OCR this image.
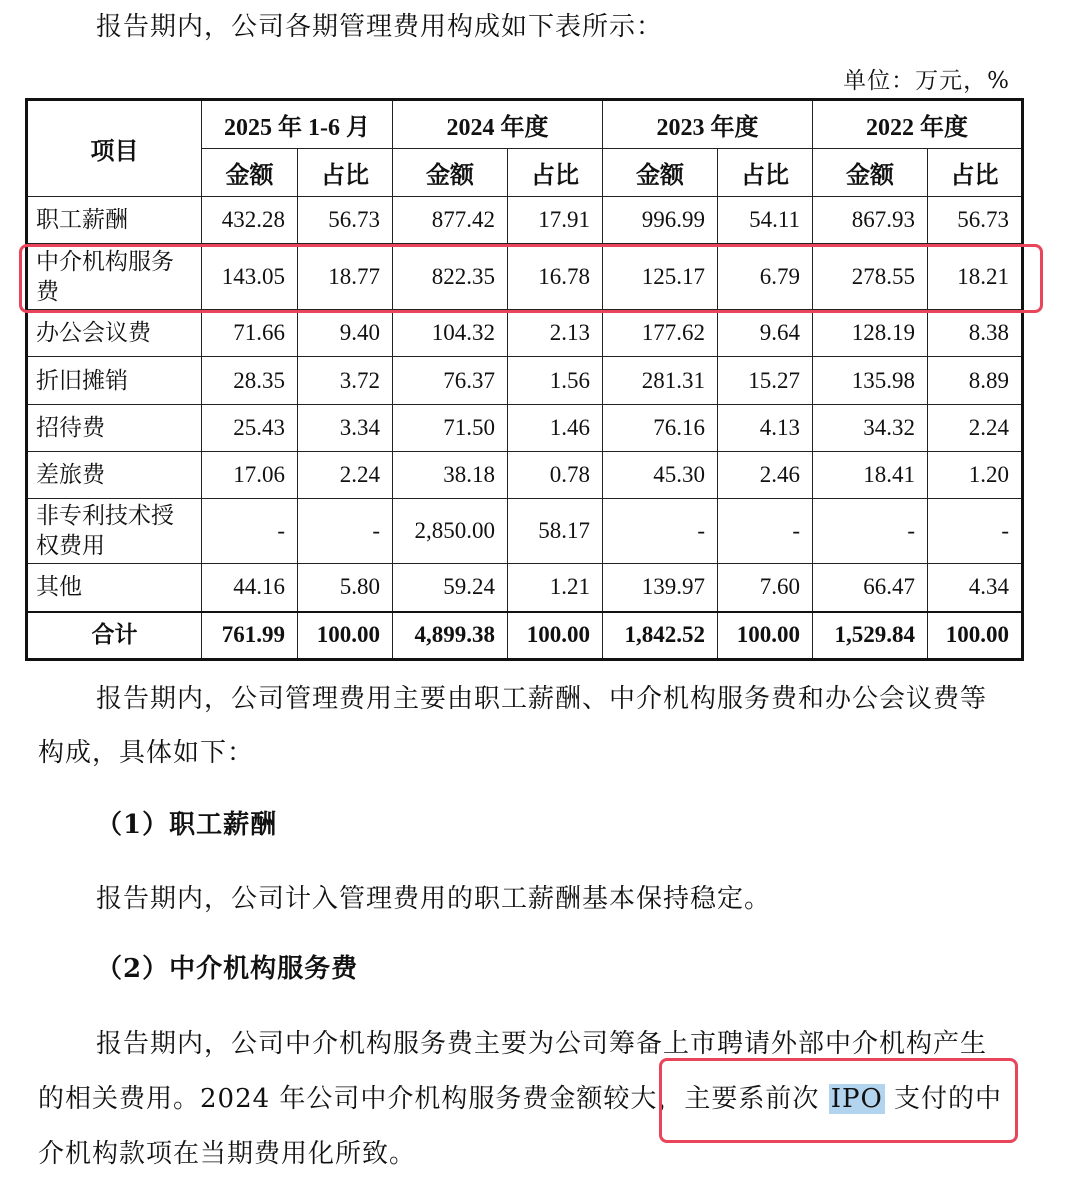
报告期内，公司各期管理费用构成如下表所示：
单位：万元，%
项目	2025 年 1-6 月		2024 年度		2023 年度		2022 年度	
	金额	占比	金额	占比	金额	占比	金额	占比
职工薪酬	432.28	56.73	877.42	17.91	996.99	54.11	867.93	56.73
中介机构服务费	143.05	18.77	822.35	16.78	125.17	6.79	278.55	18.21
办公会议费	71.66	9.40	104.32	2.13	177.62	9.64	128.19	8.38
折旧摊销	28.35	3.72	76.37	1.56	281.31	15.27	135.98	8.89
招待费	25.43	3.34	71.50	1.46	76.16	4.13	34.32	2.24
差旅费	17.06	2.24	38.18	0.78	45.30	2.46	18.41	1.20
非专利技术授权费用	-	-	2,850.00	58.17	-	-	-	-
其他	44.16	5.80	59.24	1.21	139.97	7.60	66.47	4.34
合计	761.99	100.00	4,899.38	100.00	1,842.52	100.00	1,529.84	100.00
报告期内，公司管理费用主要由职工薪酬、中介机构服务费和办公会议费等
构成，具体如下：
（1）职工薪酬
报告期内，公司计入管理费用的职工薪酬基本保持稳定。
（2）中介机构服务费
报告期内，公司中介机构服务费主要为公司筹备上市聘请外部中介机构产生
的相关费用。2024 年公司中介机构服务费金额较大，主要系前次 IPO 支付的中
介机构款项在当期费用化所致。
